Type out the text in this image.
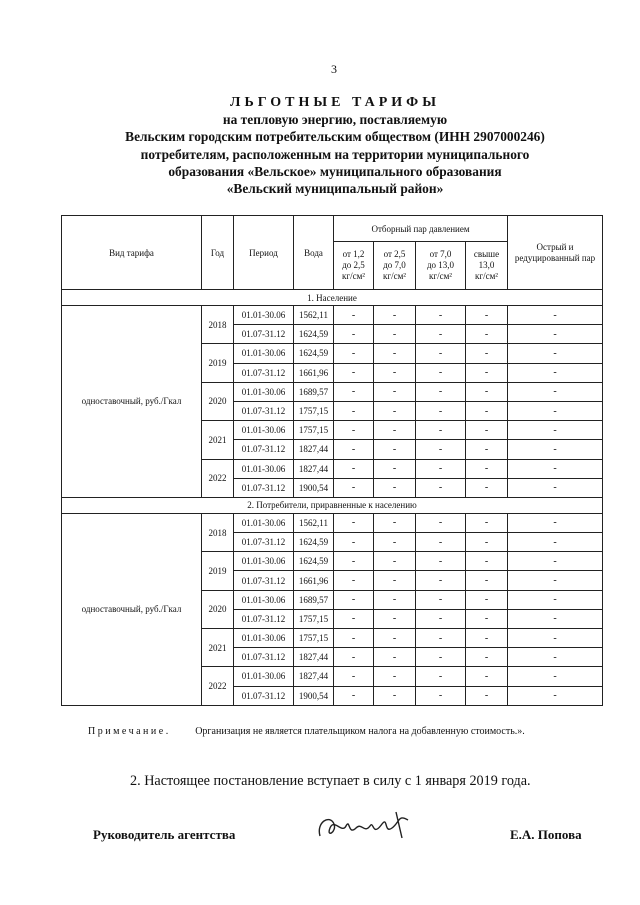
3
ЛЬГОТНЫЕ ТАРИФЫ
на тепловую энергию, поставляемую
Вельским городским потребительским обществом (ИНН 2907000246)
потребителям, расположенным на территории муниципального
образования «Вельское» муниципального образования
«Вельский муниципальный район»
Вид тарифа	Год	Период	Вода	Отборный пар давлением				Острый и редуцированный пар
				от 1,2
до 2,5
кг/см²	от 2,5
до 7,0
кг/см²	от 7,0
до 13,0
кг/см²	свыше
13,0
кг/см²	
1. Население								
одноставочный, руб./Гкал	2018	01.01-30.06	1562,11	-	-	-	-	-
		01.07-31.12	1624,59	-	-	-	-	-
	2019	01.01-30.06	1624,59	-	-	-	-	-
		01.07-31.12	1661,96	-	-	-	-	-
	2020	01.01-30.06	1689,57	-	-	-	-	-
		01.07-31.12	1757,15	-	-	-	-	-
	2021	01.01-30.06	1757,15	-	-	-	-	-
		01.07-31.12	1827,44	-	-	-	-	-
	2022	01.01-30.06	1827,44	-	-	-	-	-
		01.07-31.12	1900,54	-	-	-	-	-
2. Потребители, приравненные к населению								
одноставочный, руб./Гкал	2018	01.01-30.06	1562,11	-	-	-	-	-
		01.07-31.12	1624,59	-	-	-	-	-
	2019	01.01-30.06	1624,59	-	-	-	-	-
		01.07-31.12	1661,96	-	-	-	-	-
	2020	01.01-30.06	1689,57	-	-	-	-	-
		01.07-31.12	1757,15	-	-	-	-	-
	2021	01.01-30.06	1757,15	-	-	-	-	-
		01.07-31.12	1827,44	-	-	-	-	-
	2022	01.01-30.06	1827,44	-	-	-	-	-
		01.07-31.12	1900,54	-	-	-	-	-
Примечание. Организация не является плательщиком налога на добавленную стоимость.».
2. Настоящее постановление вступает в силу с 1 января 2019 года.
Руководитель агентства	Е.А. Попова
